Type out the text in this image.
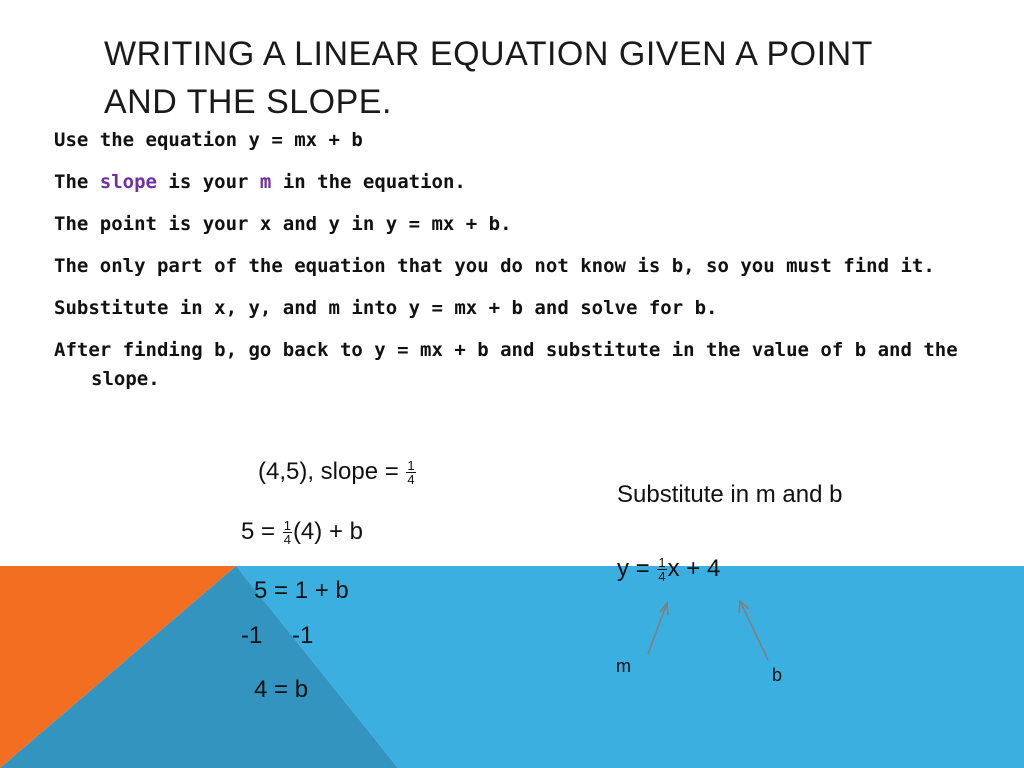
WRITING A LINEAR EQUATION GIVEN A POINT AND THE SLOPE.

Use the equation y = mx + b

The slope is your m in the equation.

The point is your x and y in y = mx + b.

The only part of the equation that you do not know is b, so you must find it.

Substitute in x, y, and m into y = mx + b and solve for b.

After finding b, go back to y = mx + b and substitute in the value of b and the slope.

(4,5), slope = $\frac{1}{4}$
$5 = \frac{1}{4} (4) + b$
5 = 1 + b
-1 -1
4 = b
Substitute in m and b
$y = \frac{1}{4}$ x + 4
m	b
